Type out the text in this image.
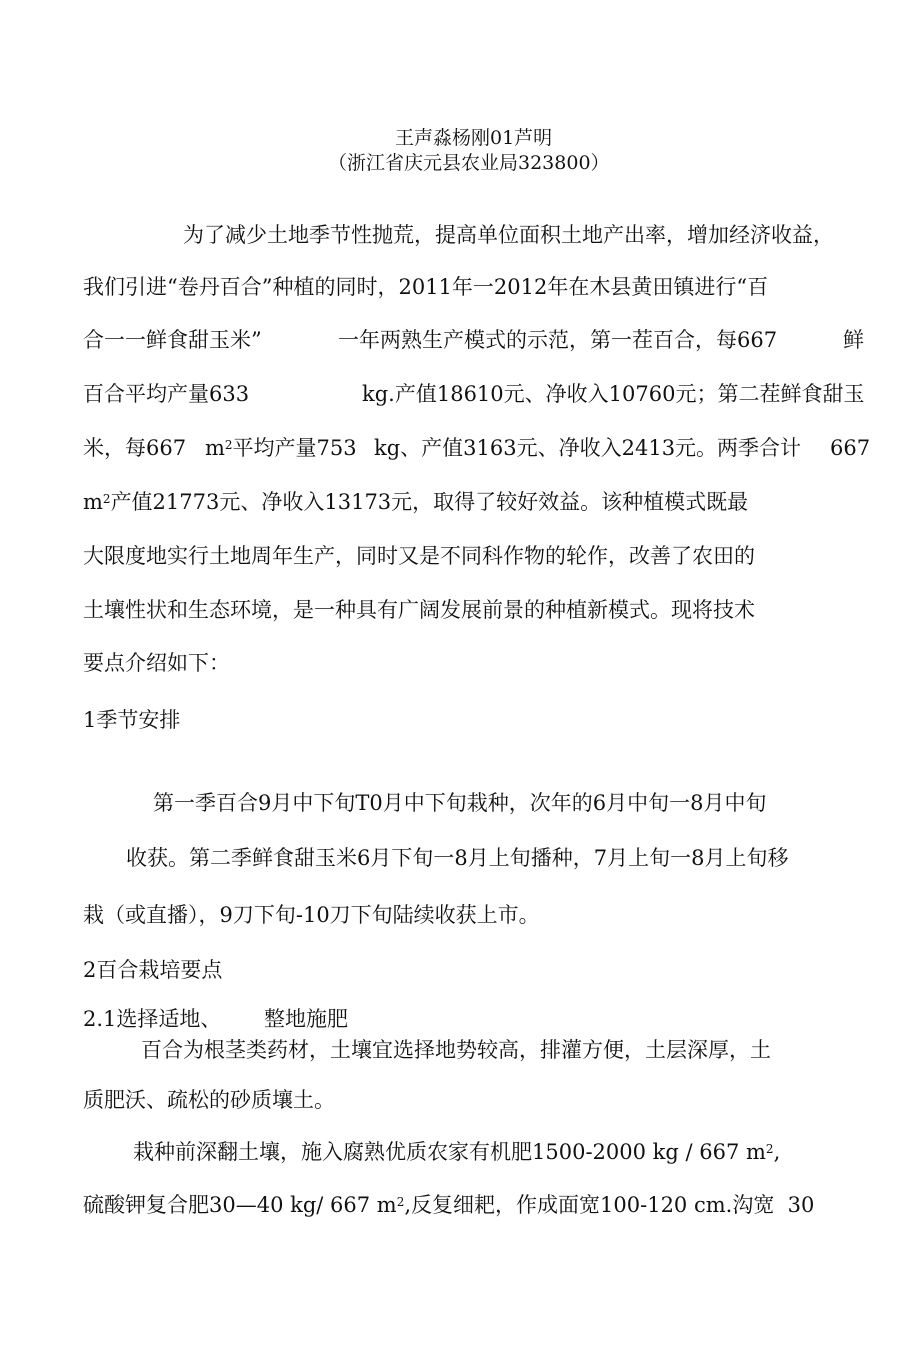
王声淼杨刚01芦明
（浙江省庆元县农业局323800）
为了减少土地季节性抛荒，提高单位面积土地产出率，增加经济收益，
我们引进“卷丹百合”种植的同时，2011年一2012年在木县黄田镇进行“百
合一一鲜食甜玉米”	一年两熟生产模式的示范，第一茬百合，每667	鲜
百合平均产量633	kg.产值18610元、净收入10760元；第二茬鲜食甜玉
米，每667 $m^2$平均产量753 kg、产值3163元、净收入2413元。两季合计 667
$m^2$产值21773元、净收入13173元，取得了较好效益。该种植模式既最
大限度地实行土地周年生产，同时又是不同科作物的轮作，改善了农田的
土壤性状和生态环境，是一种具有广阔发展前景的种植新模式。现将技术
要点介绍如下：
1季节安排
第一季百合9月中下旬T0月中下旬栽种，次年的6月中旬一8月中旬
收获。第二季鲜食甜玉米6月下旬一8月上旬播种，7月上旬一8月上旬移
栽（或直播），9刀下旬-10刀下旬陆续收获上市。
2百合栽培要点
2.1选择适地、 整地施肥
百合为根茎类药材，土壤宜选择地势较高，排灌方便，土层深厚，土
质肥沃、疏松的砂质壤土。
栽种前深翻土壤，施入腐熟优质农家有机肥1500-2000 kg / 667 $m^2$,
硫酸钾复合肥30—40 kg/ 667 $m^2$,反复细耙，作成面宽100-120 cm.沟宽  30
